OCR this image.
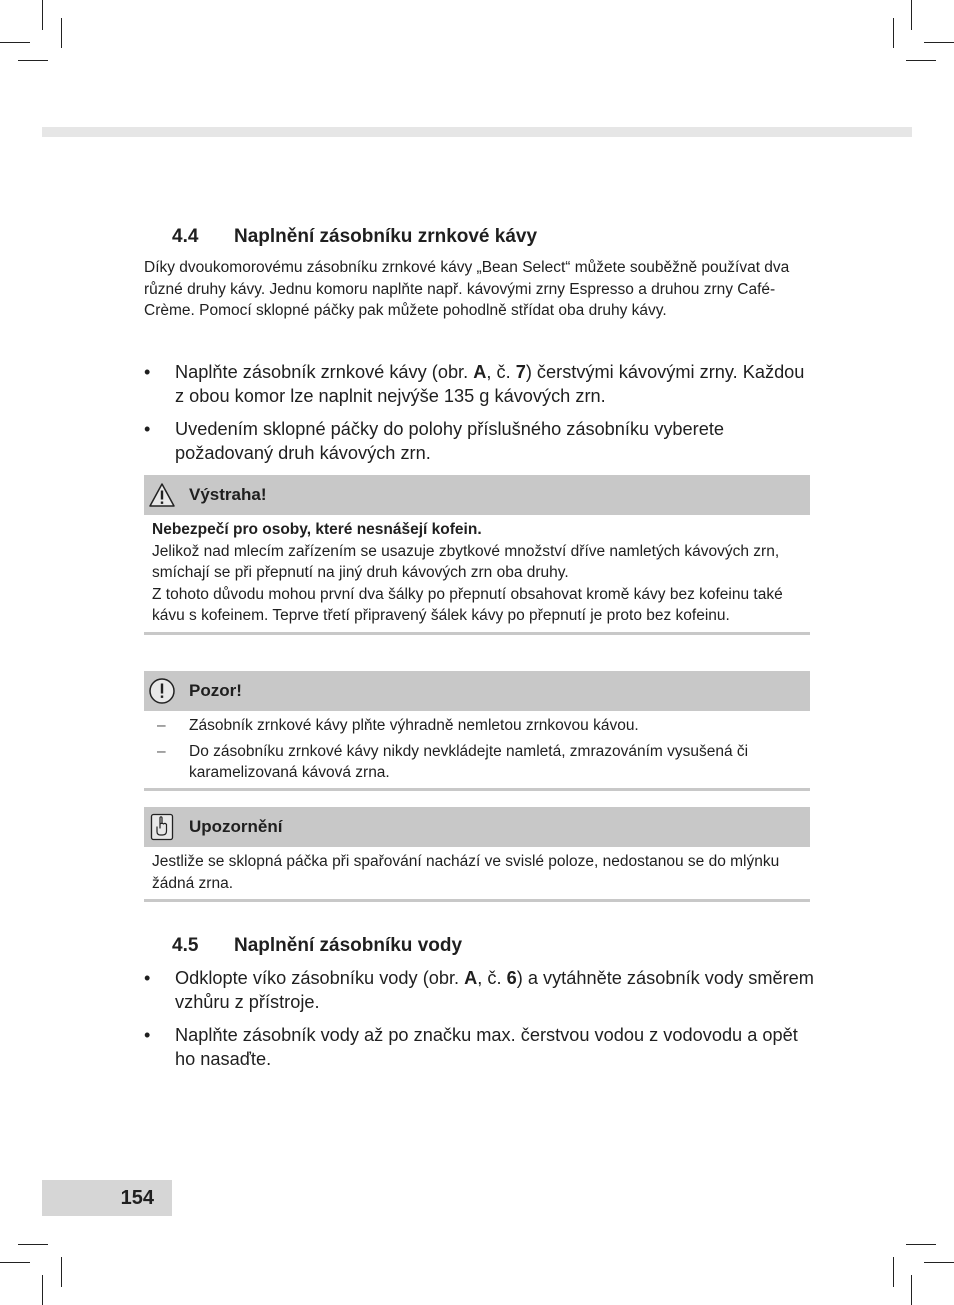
4.4 Naplnění zásobníku zrnkové kávy

Díky dvoukomorovému zásobníku zrnkové kávy „Bean Select“ můžete souběžně používat dva různé druhy kávy. Jednu komoru naplňte např. kávovými zrny Espresso a druhou zrny Café-Crème. Pomocí sklopné páčky pak můžete pohodlně střídat oba druhy kávy.

• Naplňte zásobník zrnkové kávy (obr. A, č. 7) čerstvými kávovými zrny. Každou z obou komor lze naplnit nejvýše 135 g kávových zrn.
• Uvedením sklopné páčky do polohy příslušného zásobníku vyberete požadovaný druh kávových zrn.
Výstraha!
Nebezpečí pro osoby, které nesnášejí kofein.
Jelikož nad mlecím zařízením se usazuje zbytkové množství dříve namletých kávových zrn, smíchají se při přepnutí na jiný druh kávových zrn oba druhy.
Z tohoto důvodu mohou první dva šálky po přepnutí obsahovat kromě kávy bez kofeinu také kávu s kofeinem. Teprve třetí připravený šálek kávy po přepnutí je proto bez kofeinu.
Pozor!
– Zásobník zrnkové kávy plňte výhradně nemletou zrnkovou kávou.
– Do zásobníku zrnkové kávy nikdy nevkládejte namletá, zmrazováním vysušená či karamelizovaná kávová zrna.
Upozornění
Jestliže se sklopná páčka při spařování nachází ve svislé poloze, nedostanou se do mlýnku žádná zrna.
4.5 Naplnění zásobníku vody
• Odklopte víko zásobníku vody (obr. A, č. 6) a vytáhněte zásobník vody směrem vzhůru z přístroje.
• Naplňte zásobník vody až po značku max. čerstvou vodou z vodovodu a opět ho nasaďte.
154
